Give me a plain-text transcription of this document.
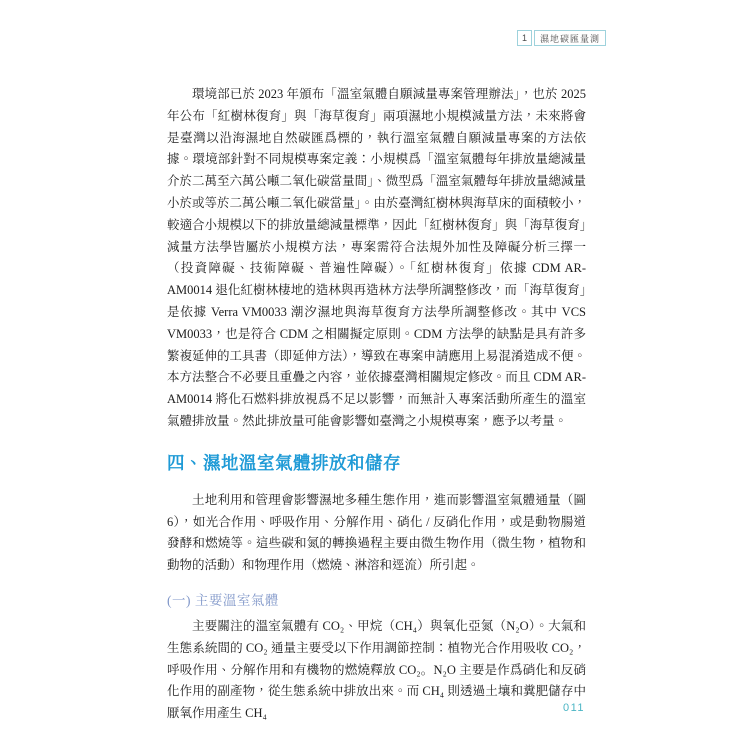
1	濕地碳匯量測

環境部已於 2023 年頒布「溫室氣體自願減量專案管理辦法」，也於 2025 年公布「紅樹林復育」與「海草復育」兩項濕地小規模減量方法，未來將會是臺灣以沿海濕地自然碳匯爲標的，執行溫室氣體自願減量專案的方法依據。環境部針對不同規模專案定義：小規模爲「溫室氣體每年排放量總減量介於二萬至六萬公噸二氧化碳當量間」、微型爲「溫室氣體每年排放量總減量小於或等於二萬公噸二氧化碳當量」。由於臺灣紅樹林與海草床的面積較小，較適合小規模以下的排放量總減量標準，因此「紅樹林復育」與「海草復育」減量方法學皆屬於小規模方法，專案需符合法規外加性及障礙分析三擇一（投資障礙、技術障礙、普遍性障礙）。「紅樹林復育」依據 CDM AR-AM0014 退化紅樹林棲地的造林與再造林方法學所調整修改，而「海草復育」是依據 Verra VM0033 潮汐濕地與海草復育方法學所調整修改。其中 VCS VM0033，也是符合 CDM 之相關擬定原則。CDM 方法學的缺點是具有許多繁複延伸的工具書（即延伸方法），導致在專案申請應用上易混淆造成不便。本方法整合不必要且重疊之內容，並依據臺灣相關規定修改。而且 CDM AR-AM0014 將化石燃料排放視爲不足以影響，而無計入專案活動所產生的溫室氣體排放量。然此排放量可能會影響如臺灣之小規模專案，應予以考量。

四、濕地溫室氣體排放和儲存

土地利用和管理會影響濕地多種生態作用，進而影響溫室氣體通量（圖 6），如光合作用、呼吸作用、分解作用、硝化 / 反硝化作用，或是動物腸道發酵和燃燒等。這些碳和氮的轉換過程主要由微生物作用（微生物，植物和動物的活動）和物理作用（燃燒、淋溶和逕流）所引起。

(一) 主要溫室氣體

主要關注的溫室氣體有 CO₂、甲烷（CH₄）與氧化亞氮（N₂O）。大氣和生態系統間的 CO₂ 通量主要受以下作用調節控制：植物光合作用吸收 CO₂，呼吸作用、分解作用和有機物的燃燒釋放 CO₂。N₂O 主要是作爲硝化和反硝化作用的副產物，從生態系統中排放出來。而 CH₄ 則透過土壤和糞肥儲存中厭氧作用產生 CH₄	011
